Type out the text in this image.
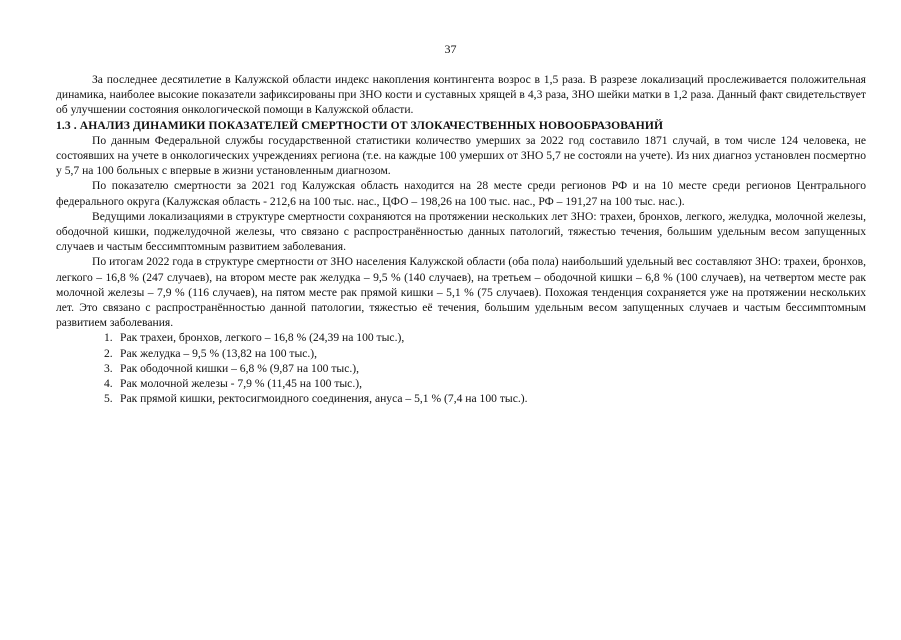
37

За последнее десятилетие в Калужской области индекс накопления контингента возрос в 1,5 раза. В разрезе локализаций прослеживается положительная динамика, наиболее высокие показатели зафиксированы при ЗНО кости и суставных хрящей в 4,3 раза, ЗНО шейки матки в 1,2 раза. Данный факт свидетельствует об улучшении состояния онкологической помощи в Калужской области.

1.3 . АНАЛИЗ ДИНАМИКИ ПОКАЗАТЕЛЕЙ СМЕРТНОСТИ ОТ ЗЛОКАЧЕСТВЕННЫХ НОВООБРАЗОВАНИЙ

По данным Федеральной службы государственной статистики количество умерших за 2022 год составило 1871 случай, в том числе 124 человека, не состоявших на учете в онкологических учреждениях региона (т.е. на каждые 100 умерших от ЗНО 5,7 не состояли на учете). Из них диагноз установлен посмертно у 5,7 на 100 больных с впервые в жизни установленным диагнозом.

По показателю смертности за 2021 год Калужская область находится на 28 месте среди регионов РФ и на 10 месте среди регионов Центрального федерального округа (Калужская область - 212,6 на 100 тыс. нас., ЦФО – 198,26 на 100 тыс. нас., РФ – 191,27 на 100 тыс. нас.).

Ведущими локализациями в структуре смертности сохраняются на протяжении нескольких лет ЗНО: трахеи, бронхов, легкого, желудка, молочной железы, ободочной кишки, поджелудочной железы, что связано с распространённостью данных патологий, тяжестью течения, большим удельным весом запущенных случаев и частым бессимптомным развитием заболевания.

По итогам 2022 года в структуре смертности от ЗНО населения Калужской области (оба пола) наибольший удельный вес составляют ЗНО: трахеи, бронхов, легкого – 16,8 % (247 случаев), на втором месте рак желудка – 9,5 % (140 случаев), на третьем – ободочной кишки – 6,8 % (100 случаев), на четвертом месте рак молочной железы – 7,9 % (116 случаев), на пятом месте рак прямой кишки – 5,1 % (75 случаев). Похожая тенденция сохраняется уже на протяжении нескольких лет. Это связано с распространённостью данной патологии, тяжестью её течения, большим удельным весом запущенных случаев и частым бессимптомным развитием заболевания.

1. Рак трахеи, бронхов, легкого – 16,8 % (24,39 на 100 тыс.),
2. Рак желудка – 9,5 % (13,82 на 100 тыс.),
3. Рак ободочной кишки – 6,8 % (9,87 на 100 тыс.),
4. Рак молочной железы - 7,9 % (11,45 на 100 тыс.),
5. Рак прямой кишки, ректосигмоидного соединения, ануса – 5,1 % (7,4 на 100 тыс.).
